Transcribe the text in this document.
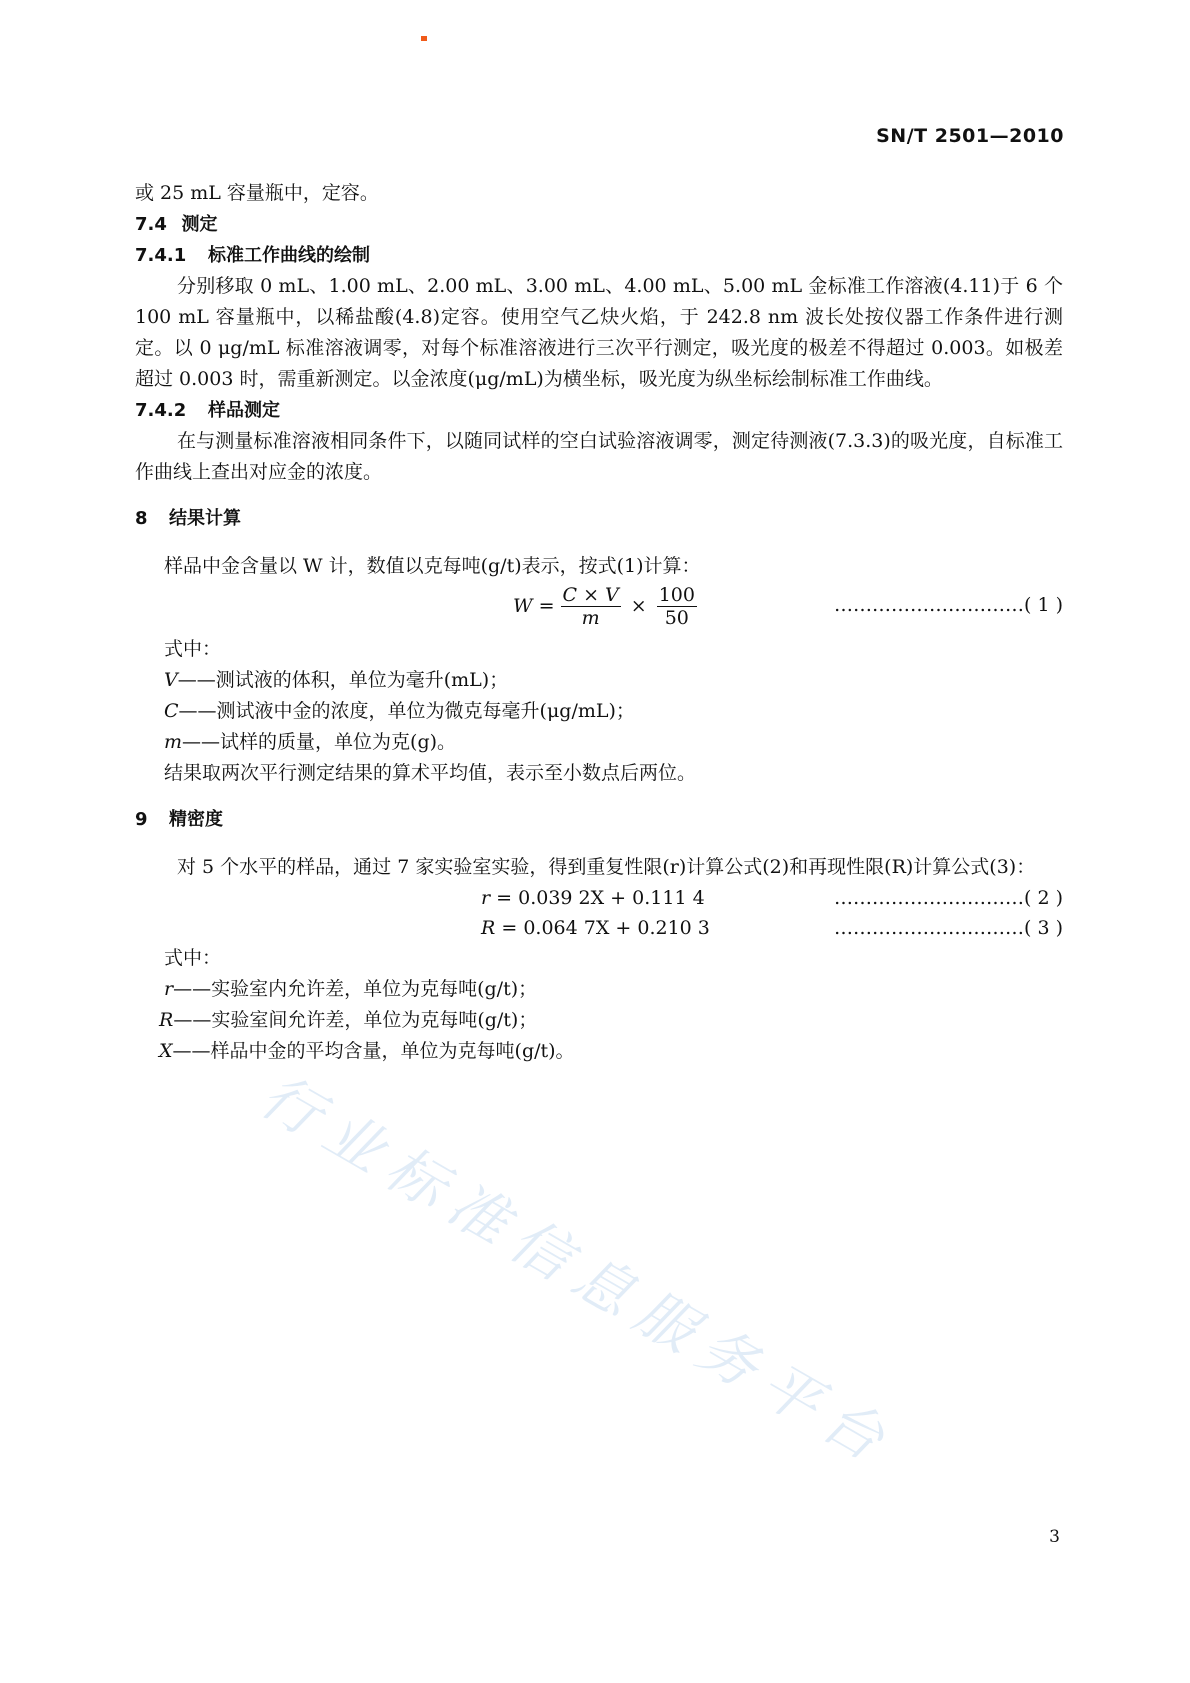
SN/T 2501—2010

或 25 mL 容量瓶中，定容。

7.4 测定

7.4.1 标准工作曲线的绘制

分别移取 0 mL、1.00 mL、2.00 mL、3.00 mL、4.00 mL、5.00 mL 金标准工作溶液(4.11)于 6 个 100 mL 容量瓶中，以稀盐酸(4.8)定容。使用空气乙炔火焰，于 242.8 nm 波长处按仪器工作条件进行测定。以 0 μg/mL 标准溶液调零，对每个标准溶液进行三次平行测定，吸光度的极差不得超过 0.003。如极差超过 0.003 时，需重新测定。以金浓度(μg/mL)为横坐标，吸光度为纵坐标绘制标准工作曲线。

7.4.2 样品测定

在与测量标准溶液相同条件下，以随同试样的空白试验溶液调零，测定待测液(7.3.3)的吸光度，自标准工作曲线上查出对应金的浓度。

8 结果计算

样品中金含量以 W 计，数值以克每吨(g/t)表示，按式(1)计算：

$W = \frac{C \times V}{m} \times \frac{100}{50}$	…………………………( 1 )

式中：

V——测试液的体积，单位为毫升(mL)；

C——测试液中金的浓度，单位为微克每毫升(μg/mL)；

m——试样的质量，单位为克(g)。

结果取两次平行测定结果的算术平均值，表示至小数点后两位。

9 精密度

对 5 个水平的样品，通过 7 家实验室实验，得到重复性限(r)计算公式(2)和再现性限(R)计算公式(3)：

r = 0.039 2X + 0.111 4	…………………………( 2 )
R = 0.064 7X + 0.210 3	…………………………( 3 )

式中：

r——实验室内允许差，单位为克每吨(g/t)；

R——实验室间允许差，单位为克每吨(g/t)；

X——样品中金的平均含量，单位为克每吨(g/t)。

行业标准信息服务平台
3
